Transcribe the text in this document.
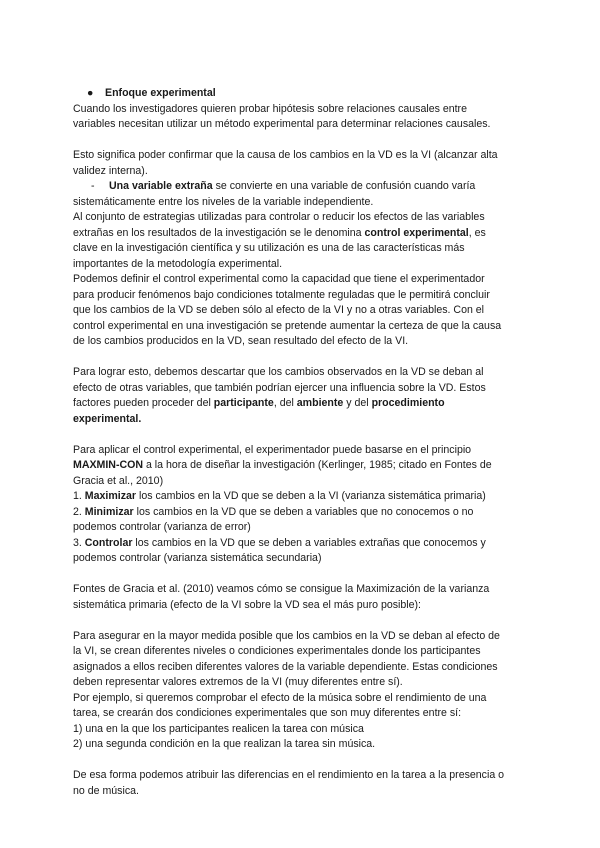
● Enfoque experimental
Cuando los investigadores quieren probar hipótesis sobre relaciones causales entre
variables necesitan utilizar un método experimental para determinar relaciones causales.
Esto significa poder confirmar que la causa de los cambios en la VD es la VI (alcanzar alta
validez interna).
- Una variable extraña se convierte en una variable de confusión cuando varía
sistemáticamente entre los niveles de la variable independiente.
Al conjunto de estrategias utilizadas para controlar o reducir los efectos de las variables
extrañas en los resultados de la investigación se le denomina control experimental, es
clave en la investigación científica y su utilización es una de las características más
importantes de la metodología experimental.
Podemos definir el control experimental como la capacidad que tiene el experimentador
para producir fenómenos bajo condiciones totalmente reguladas que le permitirá concluir
que los cambios de la VD se deben sólo al efecto de la VI y no a otras variables. Con el
control experimental en una investigación se pretende aumentar la certeza de que la causa
de los cambios producidos en la VD, sean resultado del efecto de la VI.
Para lograr esto, debemos descartar que los cambios observados en la VD se deban al
efecto de otras variables, que también podrían ejercer una influencia sobre la VD. Estos
factores pueden proceder del participante, del ambiente y del procedimiento
experimental.
Para aplicar el control experimental, el experimentador puede basarse en el principio
MAXMIN-CON a la hora de diseñar la investigación (Kerlinger, 1985; citado en Fontes de
Gracia et al., 2010)
1. Maximizar los cambios en la VD que se deben a la VI (varianza sistemática primaria)
2. Minimizar los cambios en la VD que se deben a variables que no conocemos o no
podemos controlar (varianza de error)
3. Controlar los cambios en la VD que se deben a variables extrañas que conocemos y
podemos controlar (varianza sistemática secundaria)
Fontes de Gracia et al. (2010) veamos cómo se consigue la Maximización de la varianza
sistemática primaria (efecto de la VI sobre la VD sea el más puro posible):
Para asegurar en la mayor medida posible que los cambios en la VD se deban al efecto de
la VI, se crean diferentes niveles o condiciones experimentales donde los participantes
asignados a ellos reciben diferentes valores de la variable dependiente. Estas condiciones
deben representar valores extremos de la VI (muy diferentes entre sí).
Por ejemplo, si queremos comprobar el efecto de la música sobre el rendimiento de una
tarea, se crearán dos condiciones experimentales que son muy diferentes entre sí:
1) una en la que los participantes realicen la tarea con música
2) una segunda condición en la que realizan la tarea sin música.
De esa forma podemos atribuir las diferencias en el rendimiento en la tarea a la presencia o
no de música.
